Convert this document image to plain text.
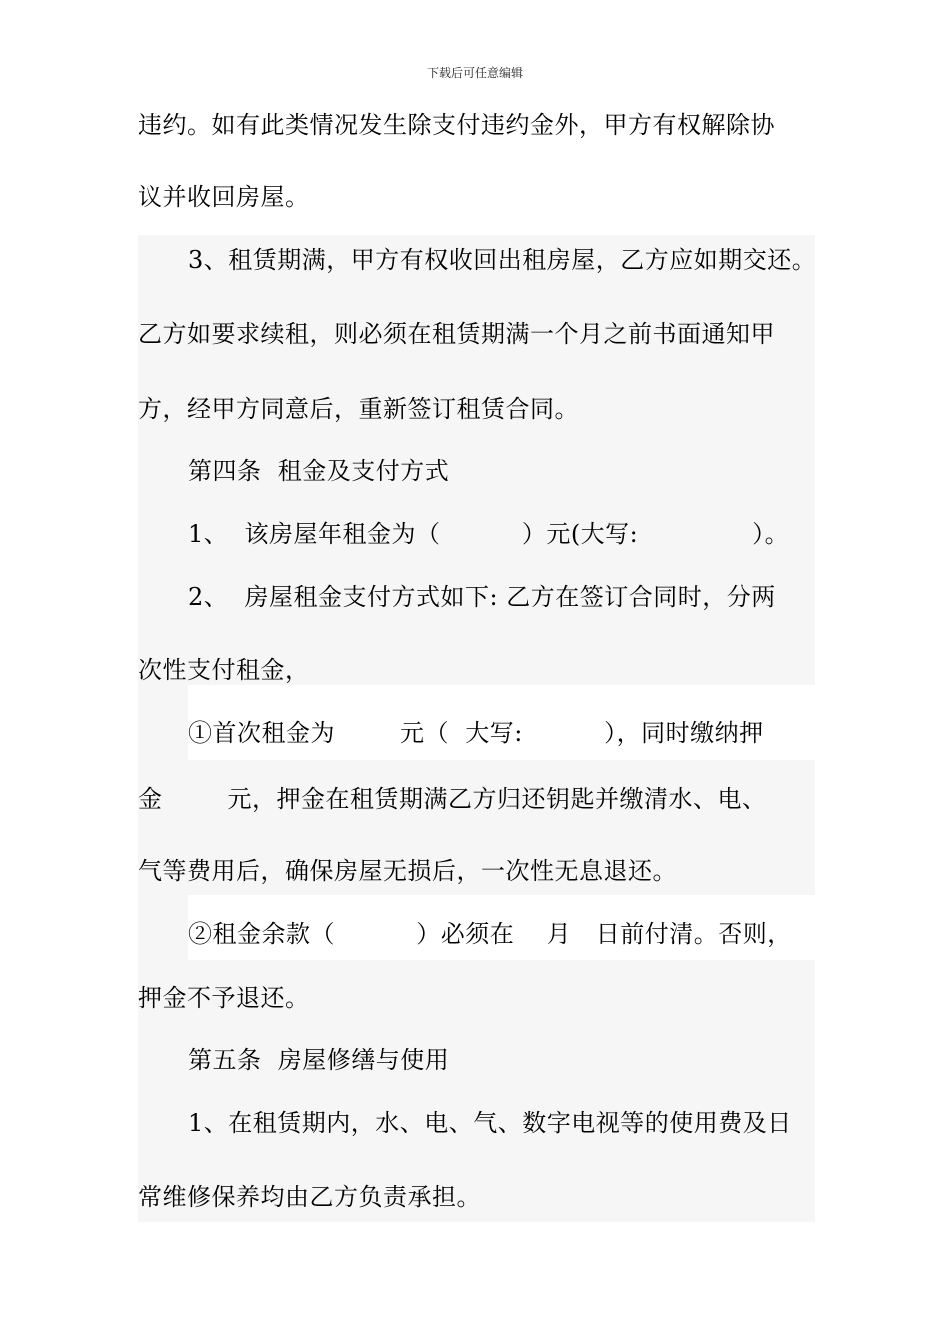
下载后可任意编辑
违约。如有此类情况发生除支付违约金外，甲方有权解除协
议并收回房屋。
3、租赁期满，甲方有权收回出租房屋，乙方应如期交还。
乙方如要求续租，则必须在租赁期满一个月之前书面通知甲
方，经甲方同意后，重新签订租赁合同。
第四条  租金及支付方式
1、  该房屋年租金为（          ）元(大写:              ）。
2、  房屋租金支付方式如下: 乙方在签订合同时，分两
次性支付租金，
①首次租金为        元（  大写:          ），同时缴纳押
金        元，押金在租赁期满乙方归还钥匙并缴清水、电、
气等费用后，确保房屋无损后，一次性无息退还。
②租金余款（          ）必须在    月   日前付清。否则，
押金不予退还。
第五条  房屋修缮与使用
1、在租赁期内，水、电、气、数字电视等的使用费及日
常维修保养均由乙方负责承担。
